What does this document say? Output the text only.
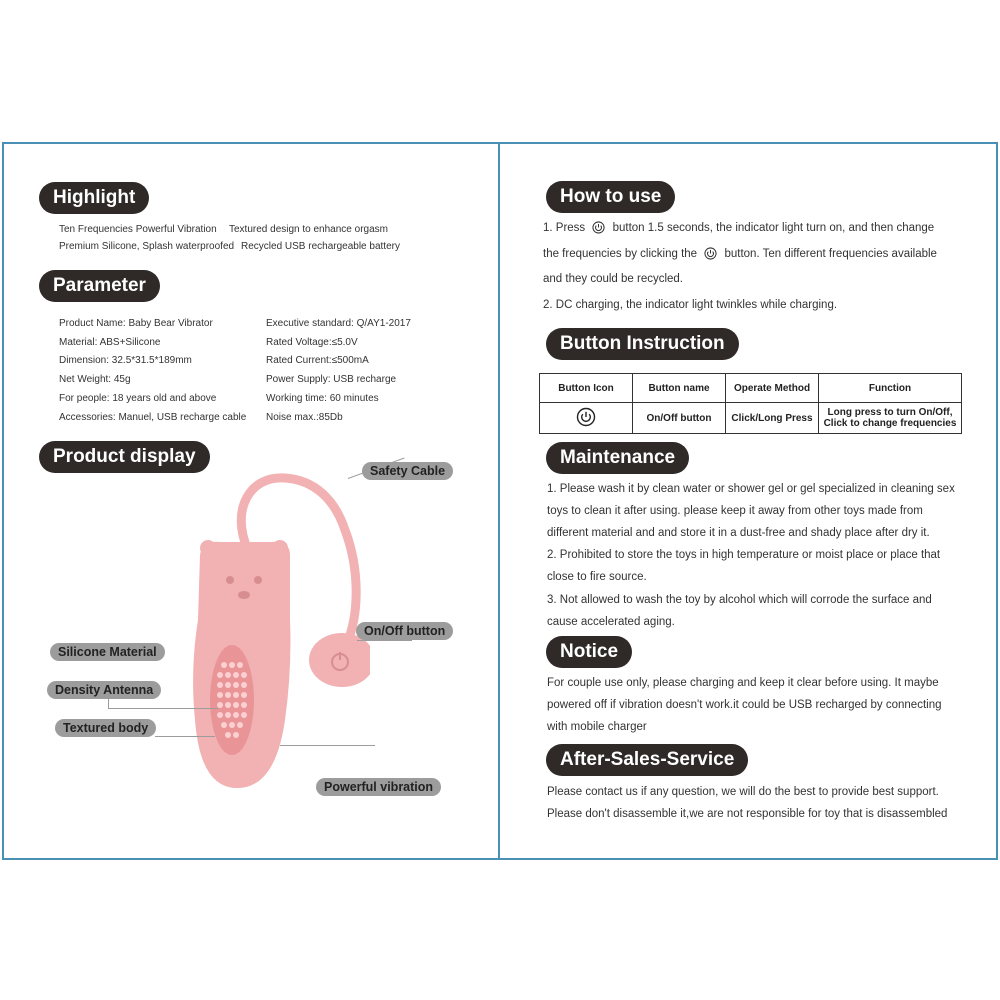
Highlight
Ten Frequencies Powerful Vibration Textured design to enhance orgasm
Premium Silicone, Splash waterproofed Recycled USB rechargeable battery
Parameter
Product Name: Baby Bear Vibrator
Material: ABS+Silicone
Dimension: 32.5*31.5*189mm
Net Weight: 45g
For people: 18 years old and above
Accessories: Manuel, USB recharge cable
Executive standard: Q/AY1-2017
Rated Voltage:≤5.0V
Rated Current:≤500mA
Power Supply: USB recharge
Working time: 60 minutes
Noise max.:85Db
Product display
Safety Cable
Silicone Material
On/Off button
Density Antenna
Textured body
Powerful vibration
How to use
1. Press button 1.5 seconds, the indicator light turn on, and then change
the frequencies by clicking the button. Ten different frequencies available
and they could be recycled.
2. DC charging, the indicator light twinkles while charging.
Button Instruction
Button Icon	Button name	Operate Method	Function
	On/Off button	Click/Long Press	Long press to turn On/Off,
Click to change frequencies
Maintenance
1. Please wash it by clean water or shower gel or gel specialized in cleaning sex
toys to clean it after using. please keep it away from other toys made from
different material and and store it in a dust-free and shady place after dry it.
2. Prohibited to store the toys in high temperature or moist place or place that
close to fire source.
3. Not allowed to wash the toy by alcohol which will corrode the surface and
cause accelerated aging.
Notice
For couple use only, please charging and keep it clear before using. It maybe
powered off if vibration doesn't work.it could be USB recharged by connecting
with mobile charger
After-Sales-Service
Please contact us if any question, we will do the best to provide best support.
Please don't disassemble it,we are not responsible for toy that is disassembled
